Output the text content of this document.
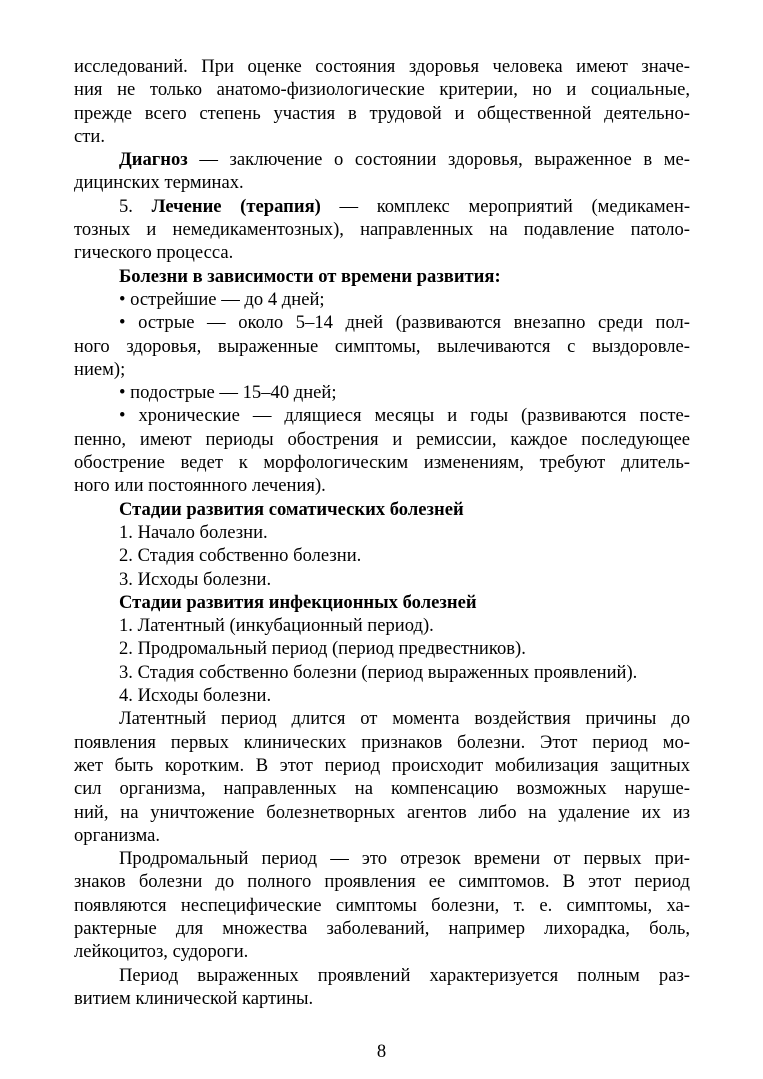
исследований. При оценке состояния здоровья человека имеют значе-
ния не только анатомо-физиологические критерии, но и социальные,
прежде всего степень участия в трудовой и общественной деятельно-
сти.
Диагноз — заключение о состоянии здоровья, выраженное в ме-
дицинских терминах.
5. Лечение (терапия) — комплекс мероприятий (медикамен-
тозных и немедикаментозных), направленных на подавление патоло-
гического процесса.
Болезни в зависимости от времени развития:
• острейшие — до 4 дней;
• острые — около 5–14 дней (развиваются внезапно среди пол-
ного здоровья, выраженные симптомы, вылечиваются с выздоровле-
нием);
• подострые — 15–40 дней;
• хронические — длящиеся месяцы и годы (развиваются посте-
пенно, имеют периоды обострения и ремиссии, каждое последующее
обострение ведет к морфологическим изменениям, требуют длитель-
ного или постоянного лечения).
Стадии развития соматических болезней
1. Начало болезни.
2. Стадия собственно болезни.
3. Исходы болезни.
Стадии развития инфекционных болезней
1. Латентный (инкубационный период).
2. Продромальный период (период предвестников).
3. Стадия собственно болезни (период выраженных проявлений).
4. Исходы болезни.
Латентный период длится от момента воздействия причины до
появления первых клинических признаков болезни. Этот период мо-
жет быть коротким. В этот период происходит мобилизация защитных
сил организма, направленных на компенсацию возможных наруше-
ний, на уничтожение болезнетворных агентов либо на удаление их из
организма.
Продромальный период — это отрезок времени от первых при-
знаков болезни до полного проявления ее симптомов. В этот период
появляются неспецифические симптомы болезни, т. е. симптомы, ха-
рактерные для множества заболеваний, например лихорадка, боль,
лейкоцитоз, судороги.
Период выраженных проявлений характеризуется полным раз-
витием клинической картины.
8
